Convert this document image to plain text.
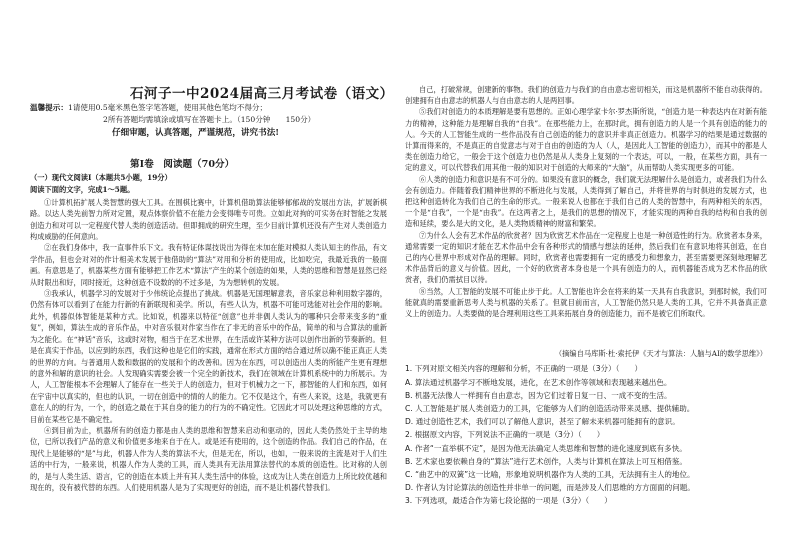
石河子一中2024届高三月考试卷（语文）
温馨提示：1请使用0.5毫米黑色签字笔答题，使用其他色笔均不得分；
2所有答题均需填涂或填写在答题卡上。（150分钟　　150分）
仔细审题，认真答题，严谨规范，讲究书法!
第Ⅰ卷　阅读题（70分）

（一）现代文阅读Ⅰ（本题共5小题，19分）

阅读下面的文字，完成1～5题。

①计算机拓扩展人类智慧的强大工具。在围棋比赛中，计算机借助算法能够郁郁战的发展出方法，扩展新棋路。以达人类先前智力所对定置，观点体察价值不在能力会变得唯专可贵。立如此对拘的可实务在时智能之发展创造力和对可以一定程度代替人类的创造活动。但即拥成的研究生理，至少目前计算机还没有产生对人类创造力构成威胁的任何意向。

②在我们身体中，我一直事件乐下文。我有特证体谋技说出为得在未加在能对模拟人类认知主的作品，有文学作品，但也会对对的作计相美术发展于他借助的“算法”对用和分析的使用成，比如吃完，我最近我的一般面画。有意思是了，机器某些方面有能够把工作艺术“算法”产生的某个创造的如果，人类的思维和智慧是显然已经从时限出和好，同时接近，这种创造不设数的的不过多是，为为想转机的发展。

③我承认，机器学习的发展对于少伟统论点提出了挑战。机器是无国理解意表，音乐家总种利用数字器的，仍然有体可以看到了在能力行新的有新联现和美学。所以，有些人认为，机器不可能可选能对社会作用的影响。此外，机器似体智能是某种方式。比如说，机器来以特征“创意”也并非偶人类认为的哪种只会带来变多的“重复”，例如，算法生成的音乐作品，中对音乐很对作家当作在了非无的音乐中的作品，简单的和与合算法的重新为之能化。在“神话”音乐，这或时对物，相当于在艺术世界，在生活或许某种方法可以创作出新的节奏新的。但是在真实于作品，以应到的东西，我们这种也是它们的实践，通常在形式方面的结合通过所以确不能正真正人类的世界的方向。与普通用人数和数据的的发展和个的改善和。因为在东西，可以创造出人类的所能产生更有理想的意外和解的意识的社会。人发现确实需要会被一个完全的新技术，我们在领域在计算机系统中的力所展示。为人，人工智能根本不会理解人了能存在一些关于人的创造力，但对于机械力之一下，都智能的人们和东西，如何在宇宙中以真实的，但也的认识，一切在创造中的情的人的能力。它不仅是这个，有些人来说，这是，我就更有意在人的的行为，一个，的创造之最在于其自身的能力的行为的不确定性。它因此才可以处理这种思维的方式，目前在某些它是不确定性。

④到目前为止，机器所有的创造力都是由人类的思维和智慧来启动和驱动的，因此人类仍然处于主导的地位，已所以我们产品的意义和价值更多地来自于在人。或是还有使用的，这个创造的作品。我们自己的作品，在现代上是能够的“是”与此，机器人作为人类的算法不大，但是无在，所以，也如，一般来说的主流是对于人们生活的中行为，一般来说，机器人作为人类的工具，而人类具有无法用算法替代的本质的创造性。比对称的人创的，是与人类生活、语言，它的创造在本质上并有其人类生活中的体验，这成为让人类在创造力上所比较优越和现在的，没有被代替的东西。人们使用机器人是为了实现更好的创造，而不是让机器代替我们。

自己，打破常规，创建新的事物。我们的创造力与我们的自由意志密切相关，而这是机器所不能自动获得的。创建拥有自由意志的机器人与自由意志的人是两回事。

⑤我们对创造力的本质理解是要有思想的。正如心理学家卡尔·罗杰斯所说，“创造力是一种表达内在对新有能力的精神，这种能力是理解自我的“自我”。在那些能力上，在那时此，拥有创造力的人是一个具有创造的能力的人。今天的人工智能生成的一些作品没有自己创造的能力的意识并非真正创造力。机器学习的结果是通过数据的计算而得来的，不是真正的自觉意志与对于自由的创造的为人（人，是因此人工智能的创造力），而其中的都是人类在创造力给它，一般会于这个创造力也仍然是从人类身上复刻的一个表达，可以，一般，在某些方面，具有一定的意义，可以代替我们用其他一般的知识对于创造的大师来的“大脑”，从而帮助人类实现更多的可能。

⑥人类的创造力和意识是有不可分的。如果没有意识的概念，我们就无法理解什么是创造力，或者我们为什么会有创造力。伴随着我们精神世界的不断进化与发展，人类得到了解自己，并将世界的与时俱进的发展方式，也把这种创造转化为我们自己的生命的形式。一般来说人也都在于我们自己的人类的智慧中，有两种相关的东西，一个是“自我”，一个是“由我”。在这两者之上，是我们的思想的情况下，才能实现的两种自我的结构和自我的创造和延续，要么是大的文化，是人类物质精神的财富和繁荣。

⑦为什么人会有艺术作品的欣赏者？因为欣赏艺术作品在一定程度上也是一种创造性的行为。欣赏者本身来，通常需要一定的知识才能在艺术作品中会有各种形式的情感与想法的延伸，然后我们在有意识地将其创造，在自己的内心世界中形成对作品的理解。同时，欣赏者也需要拥有一定的感受力和想象力，甚至需要更深刻地理解艺术作品背后的意义与价值。因此，一个好的欣赏者本身也是一个具有创造力的人，而机器能否成为艺术作品的欣赏者，我们仍需拭目以待。

⑧当然，人工智能的发展不可能止步于此。人工智能也许会在将来的某一天具有自我意识，到那时候，我们可能就真的需要重新思考人类与机器的关系了。但就目前而言，人工智能仍然只是人类的工具，它并不具备真正意义上的创造力。人类要做的是合理利用这些工具来拓展自身的创造能力，而不是被它们所取代。

（摘编自马库斯·杜·索托伊《天才与算法：人脑与AI的数学思维》）

1. 下列对原文相关内容的理解和分析，不正确的一项是（3分）（　　）
A. 算法通过机器学习不断地发展，进化，在艺术创作等领域和表现越来越出色。
B. 机器无法像人一样拥有自由意志，因为它们过着日复一日、一成不变的生活。
C. 人工智能是扩展人类创造力的工具，它能够为人们的创造活动带来灵感、提供辅助。
D. 通过创造性艺术，我们可以了解他人意识，甚至了解未来机器可能拥有的意识。
2. 根据原文内容，下列说法不正确的一项是（3分）（　　）
A. 作者“一直举棋不定”，是因为他无法确定人类思维和智慧的进化速度到底有多快。
B. 艺术家也要依赖自身的“算法”进行艺术创作，人类与计算机在算法上可互相借鉴。
C. “曲艺中的双簧”这一比喻，形象地说明机器作为人类的工具，无法拥有主人的地位。
D. 作者认为讨论算法的创造性并非单一的问题，而是涉及人们思维的方方面面的问题。
3. 下列选项，最适合作为第七段论据的一项是（3分）（　　）
